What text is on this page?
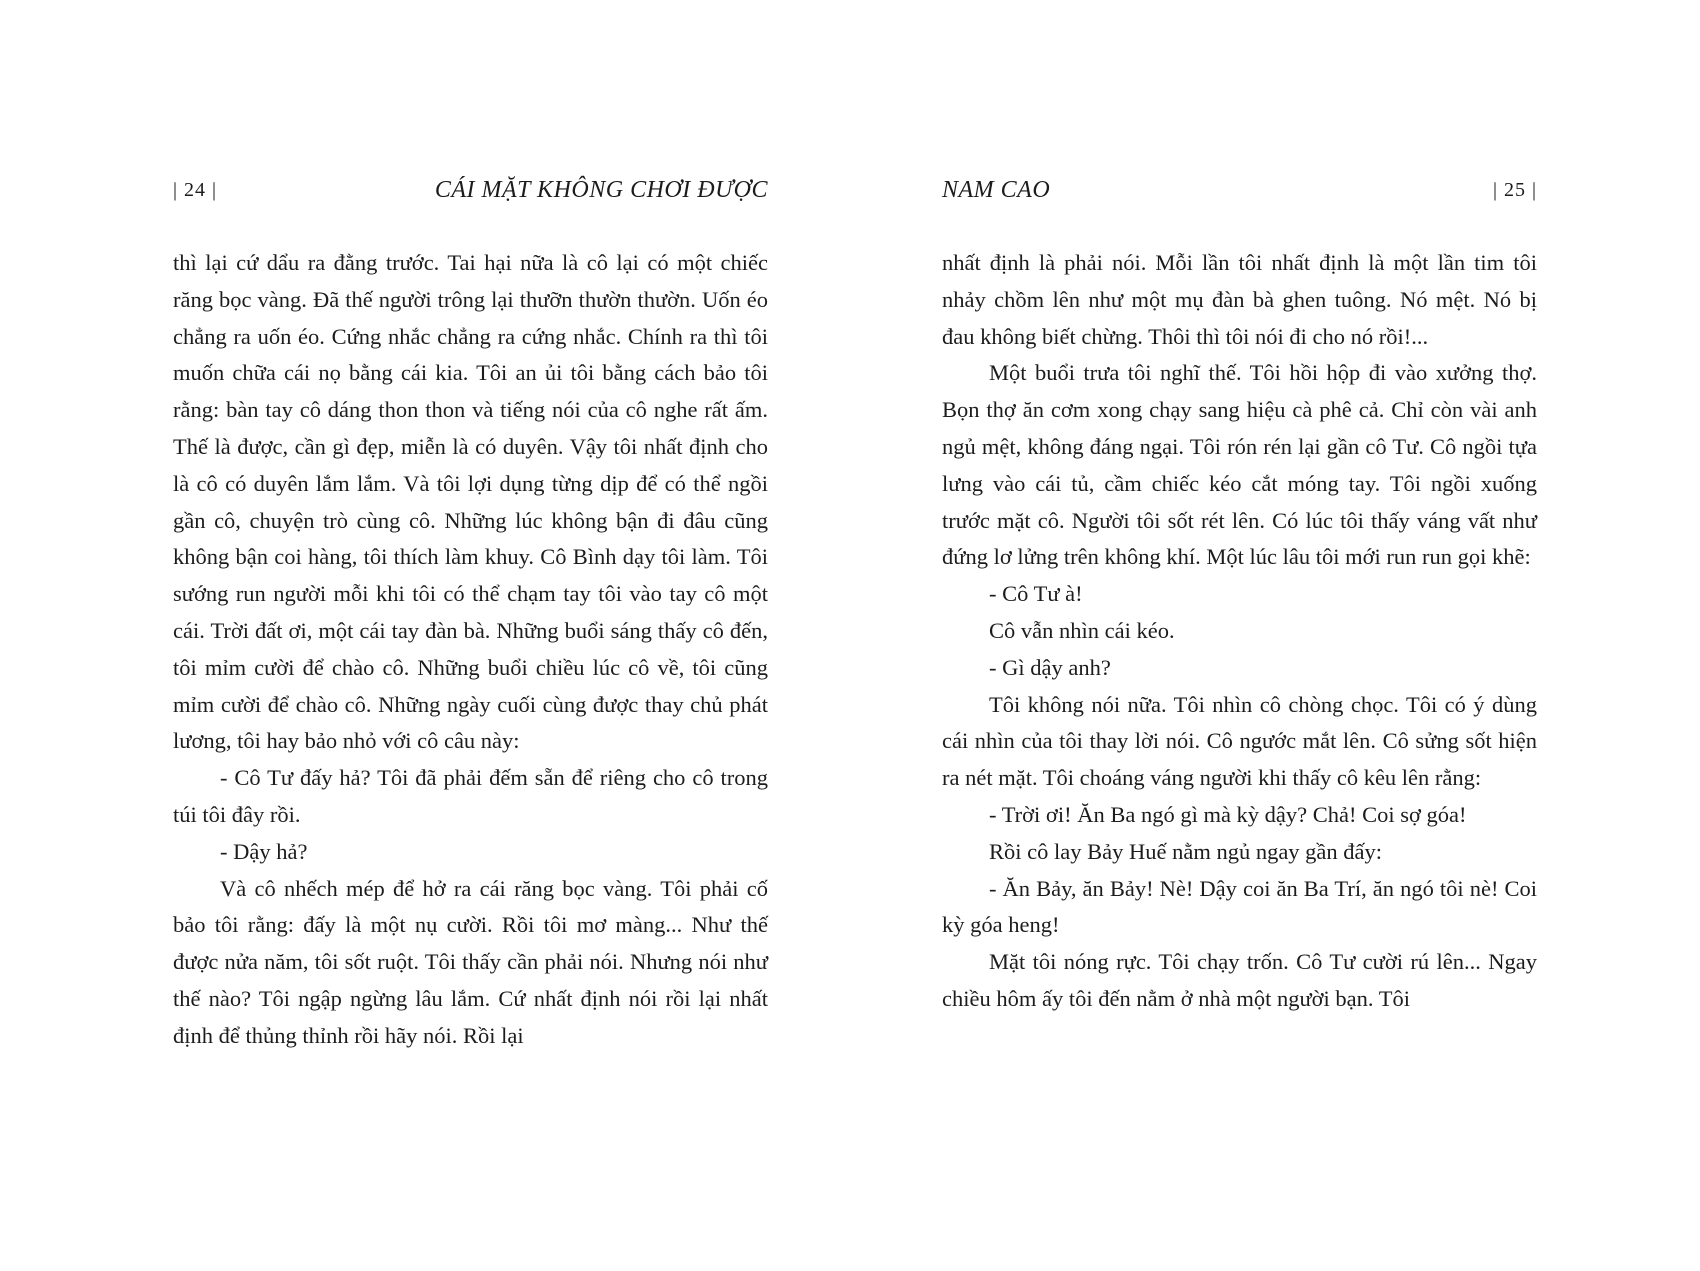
| 24 |	CÁI MẶT KHÔNG CHƠI ĐƯỢC

thì lại cứ dẩu ra đằng trước. Tai hại nữa là cô lại có một chiếc răng bọc vàng. Đã thế người trông lại thưỡn thườn thườn. Uốn éo chẳng ra uốn éo. Cứng nhắc chẳng ra cứng nhắc. Chính ra thì tôi muốn chữa cái nọ bằng cái kia. Tôi an ủi tôi bằng cách bảo tôi rằng: bàn tay cô dáng thon thon và tiếng nói của cô nghe rất ấm. Thế là được, cần gì đẹp, miễn là có duyên. Vậy tôi nhất định cho là cô có duyên lắm lắm. Và tôi lợi dụng từng dịp để có thể ngồi gần cô, chuyện trò cùng cô. Những lúc không bận đi đâu cũng không bận coi hàng, tôi thích làm khuy. Cô Bình dạy tôi làm. Tôi sướng run người mỗi khi tôi có thể chạm tay tôi vào tay cô một cái. Trời đất ơi, một cái tay đàn bà. Những buổi sáng thấy cô đến, tôi mỉm cười để chào cô. Những buổi chiều lúc cô về, tôi cũng mỉm cười để chào cô. Những ngày cuối cùng được thay chủ phát lương, tôi hay bảo nhỏ với cô câu này:

- Cô Tư đấy hả? Tôi đã phải đếm sẵn để riêng cho cô trong túi tôi đây rồi.

- Dậy hả?

Và cô nhếch mép để hở ra cái răng bọc vàng. Tôi phải cố bảo tôi rằng: đấy là một nụ cười. Rồi tôi mơ màng... Như thế được nửa năm, tôi sốt ruột. Tôi thấy cần phải nói. Nhưng nói như thế nào? Tôi ngập ngừng lâu lắm. Cứ nhất định nói rồi lại nhất định để thủng thỉnh rồi hãy nói. Rồi lại

NAM CAO	| 25 |

nhất định là phải nói. Mỗi lần tôi nhất định là một lần tim tôi nhảy chồm lên như một mụ đàn bà ghen tuông. Nó mệt. Nó bị đau không biết chừng. Thôi thì tôi nói đi cho nó rồi!...

Một buổi trưa tôi nghĩ thế. Tôi hồi hộp đi vào xưởng thợ. Bọn thợ ăn cơm xong chạy sang hiệu cà phê cả. Chỉ còn vài anh ngủ mệt, không đáng ngại. Tôi rón rén lại gần cô Tư. Cô ngồi tựa lưng vào cái tủ, cầm chiếc kéo cắt móng tay. Tôi ngồi xuống trước mặt cô. Người tôi sốt rét lên. Có lúc tôi thấy váng vất như đứng lơ lửng trên không khí. Một lúc lâu tôi mới run run gọi khẽ:

- Cô Tư à!

Cô vẫn nhìn cái kéo.

- Gì dậy anh?

Tôi không nói nữa. Tôi nhìn cô chòng chọc. Tôi có ý dùng cái nhìn của tôi thay lời nói. Cô ngước mắt lên. Cô sửng sốt hiện ra nét mặt. Tôi choáng váng người khi thấy cô kêu lên rằng:

- Trời ơi! Ăn Ba ngó gì mà kỳ dậy? Chả! Coi sợ góa!

Rồi cô lay Bảy Huế nằm ngủ ngay gần đấy:

- Ăn Bảy, ăn Bảy! Nè! Dậy coi ăn Ba Trí, ăn ngó tôi nè! Coi kỳ góa heng!

Mặt tôi nóng rực. Tôi chạy trốn. Cô Tư cười rú lên... Ngay chiều hôm ấy tôi đến nằm ở nhà một người bạn. Tôi
